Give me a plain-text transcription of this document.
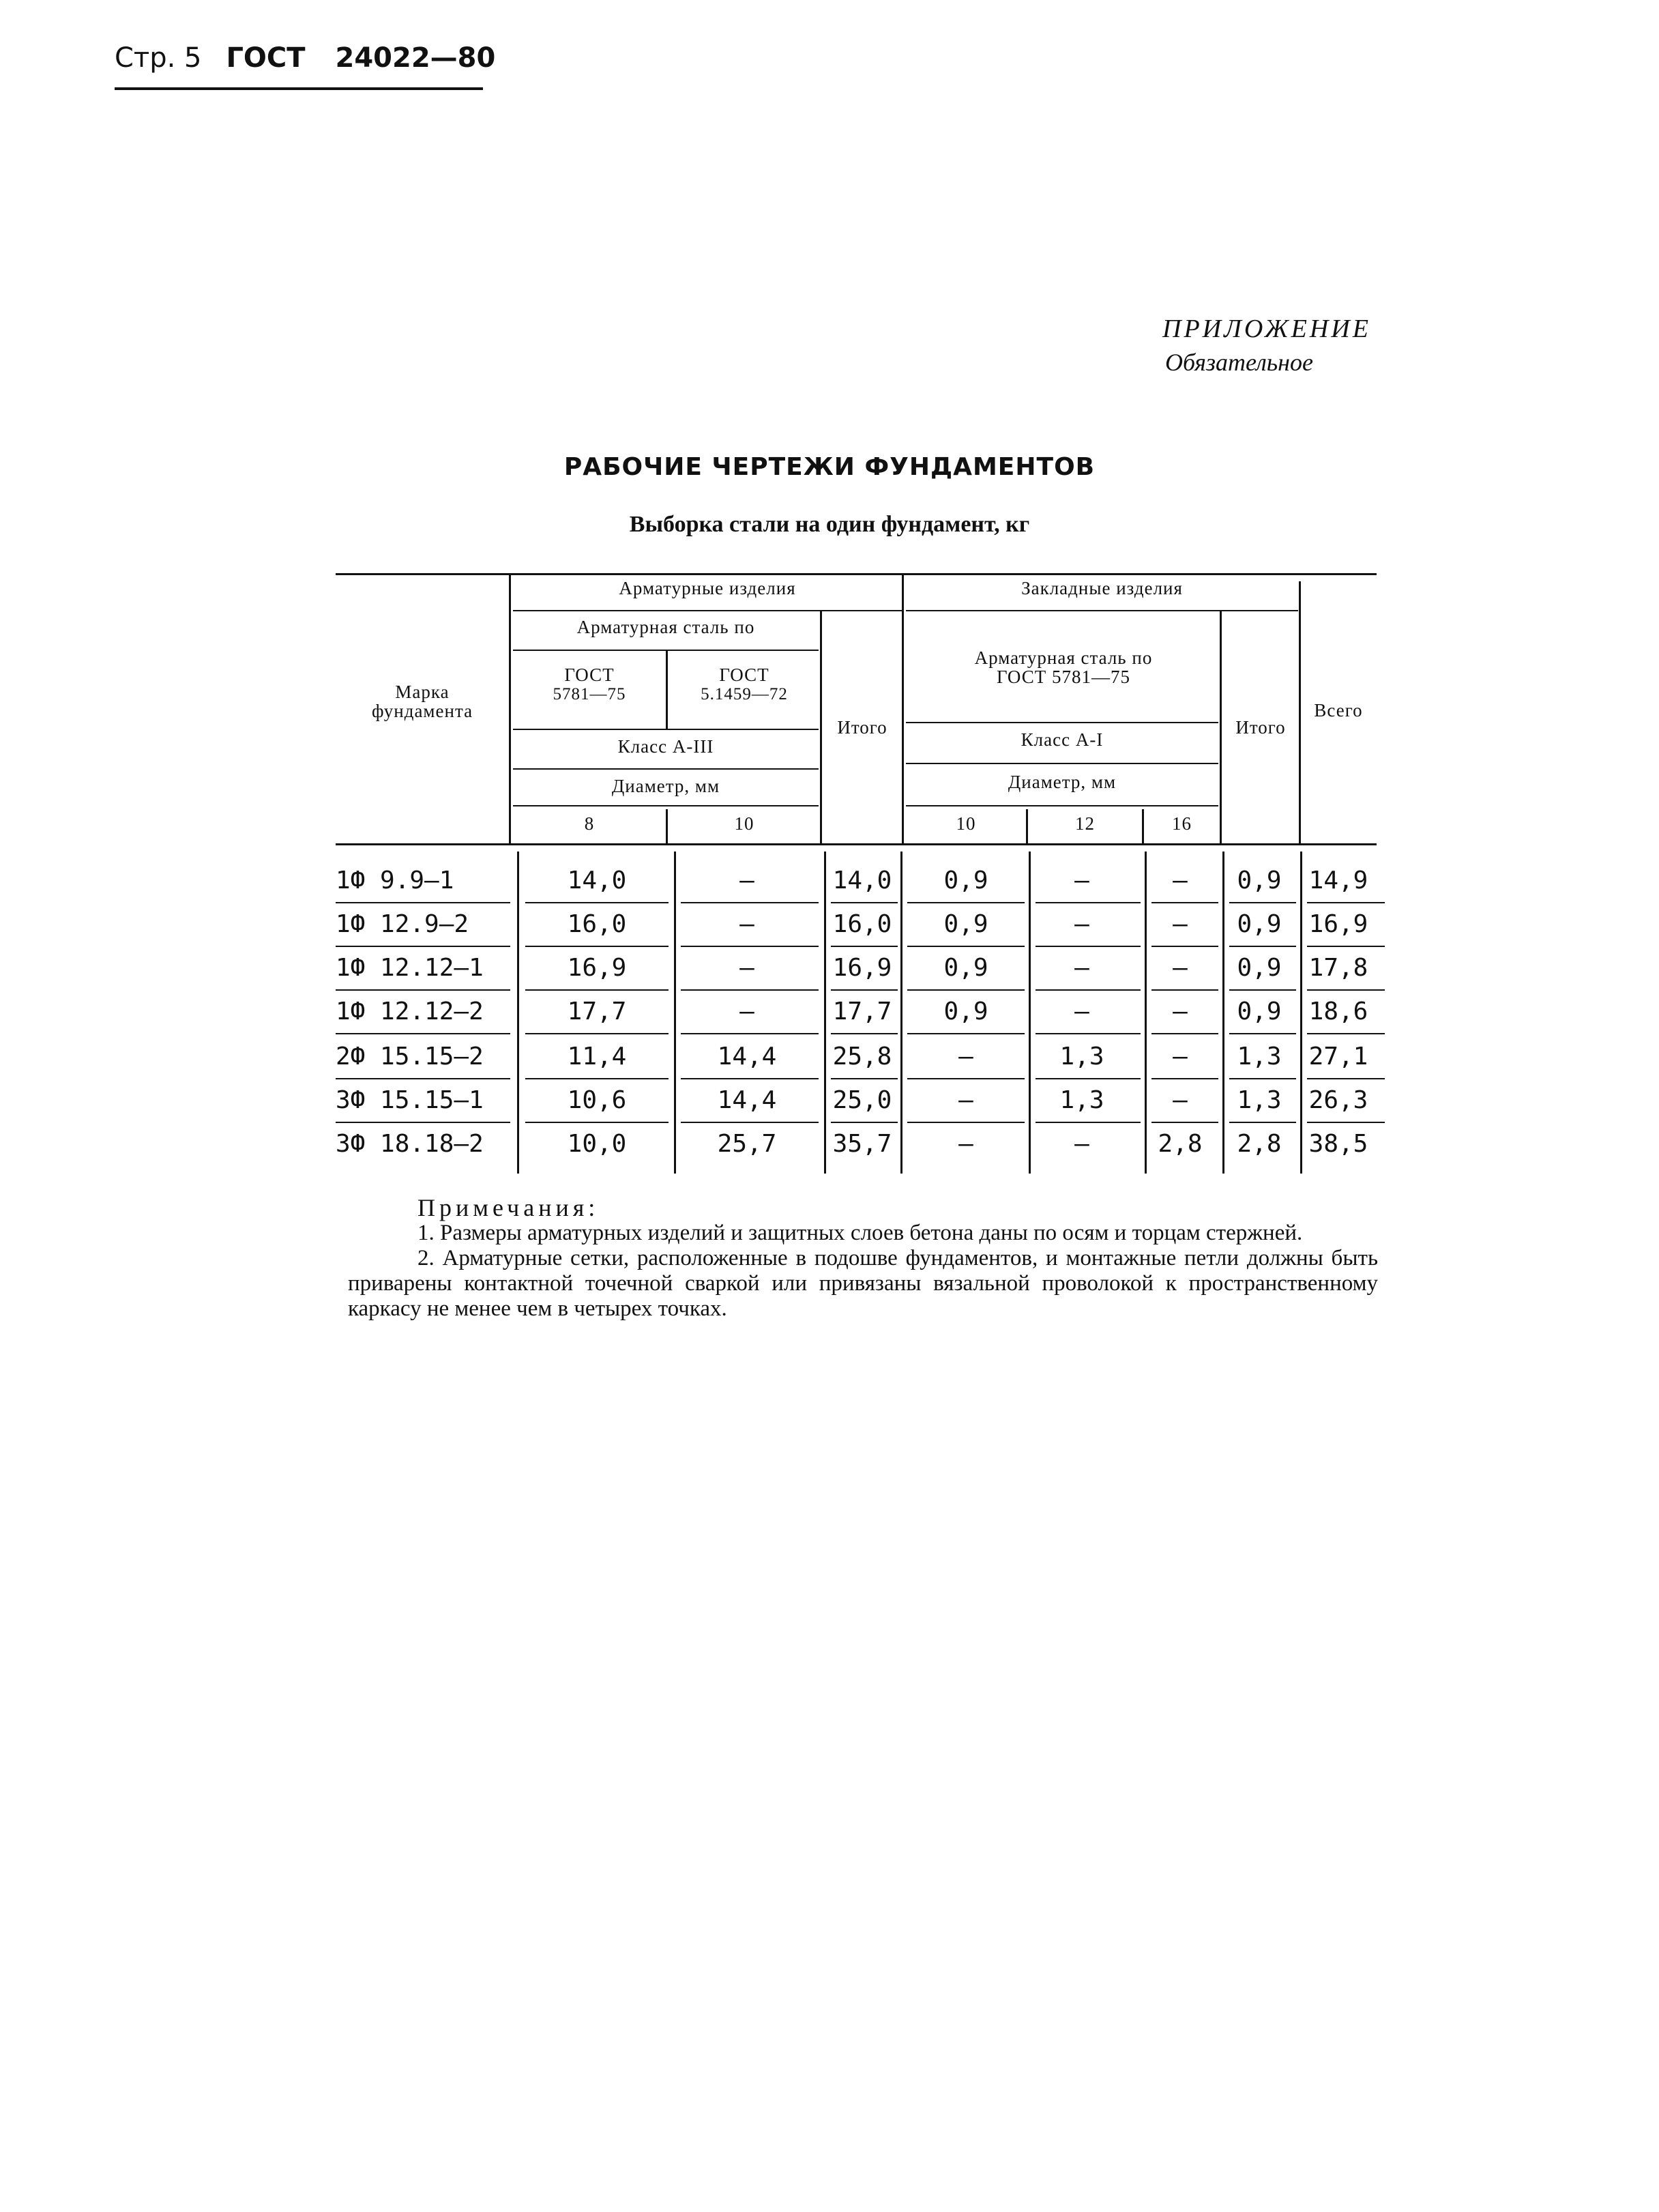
Стр. 5 ГОСТ 24022—80
ПРИЛОЖЕНИЕ
Обязательное
РАБОЧИЕ ЧЕРТЕЖИ ФУНДАМЕНТОВ
Выборка стали на один фундамент, кг
Марка фундамента
Арматурные изделия	Закладные изделия
Арматурная сталь по
ГОСТ
5781—75
ГОСТ
5.1459—72
Арматурная сталь по ГОСТ 5781—75
Класс А-III	Класс А-I
Диаметр, мм	Диаметр, мм
Итого	Итого
Всего
8	10	10	12	16
1Ф 9.9—1	14,0	—	14,0	0,9	—	—	0,9	14,9
1Ф 12.9—2	16,0	—	16,0	0,9	—	—	0,9	16,9
1Ф 12.12—1	16,9	—	16,9	0,9	—	—	0,9	17,8
1Ф 12.12—2	17,7	—	17,7	0,9	—	—	0,9	18,6
2Ф 15.15—2	11,4	14,4	25,8	—	1,3	—	1,3	27,1
3Ф 15.15—1	10,6	14,4	25,0	—	1,3	—	1,3	26,3
3Ф 18.18—2	10,0	25,7	35,7	—	—	2,8	2,8	38,5

Примечания:

1. Размеры арматурных изделий и защитных слоев бетона даны по осям и торцам стержней.

2. Арматурные сетки, расположенные в подошве фундаментов, и монтажные петли должны быть приварены контактной точечной сваркой или привязаны вязальной проволокой к пространственному каркасу не менее чем в четырех точках.
